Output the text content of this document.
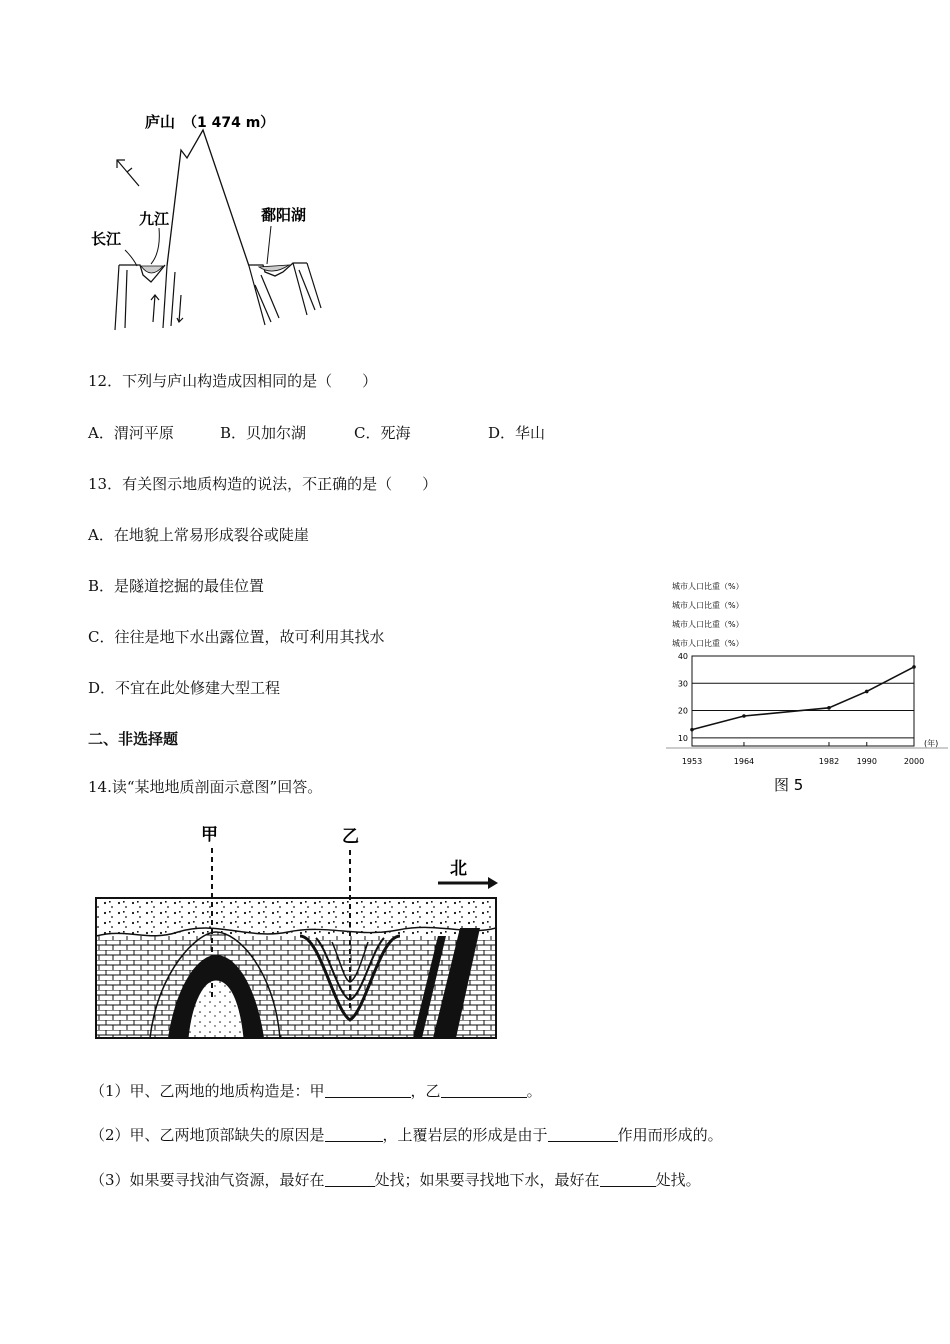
庐山 （1 474 m）
九江
长江
鄱阳湖
12．下列与庐山构造成因相同的是（　　）
A．渭河平原	B．贝加尔湖	C．死海	D．华山
13．有关图示地质构造的说法，不正确的是（　　）
A．在地貌上常易形成裂谷或陡崖
B．是隧道挖掘的最佳位置
C．往往是地下水出露位置，故可利用其找水
D．不宜在此处修建大型工程
二、非选择题
14.读“某地地质剖面示意图”回答。
甲	乙
北
（1）甲、乙两地的地质构造是：甲	，乙	。
（2）甲、乙两地顶部缺失的原因是	，上覆岩层的形成是由于	作用而形成的。
（3）如果要寻找油气资源，最好在	处找；如果要寻找地下水，最好在	处找。
城市人口比重（%）
城市人口比重（%）
城市人口比重（%）
城市人口比重（%）
10
20
30
40
1953	1964	1982 1990	2000
(年)
图 5
